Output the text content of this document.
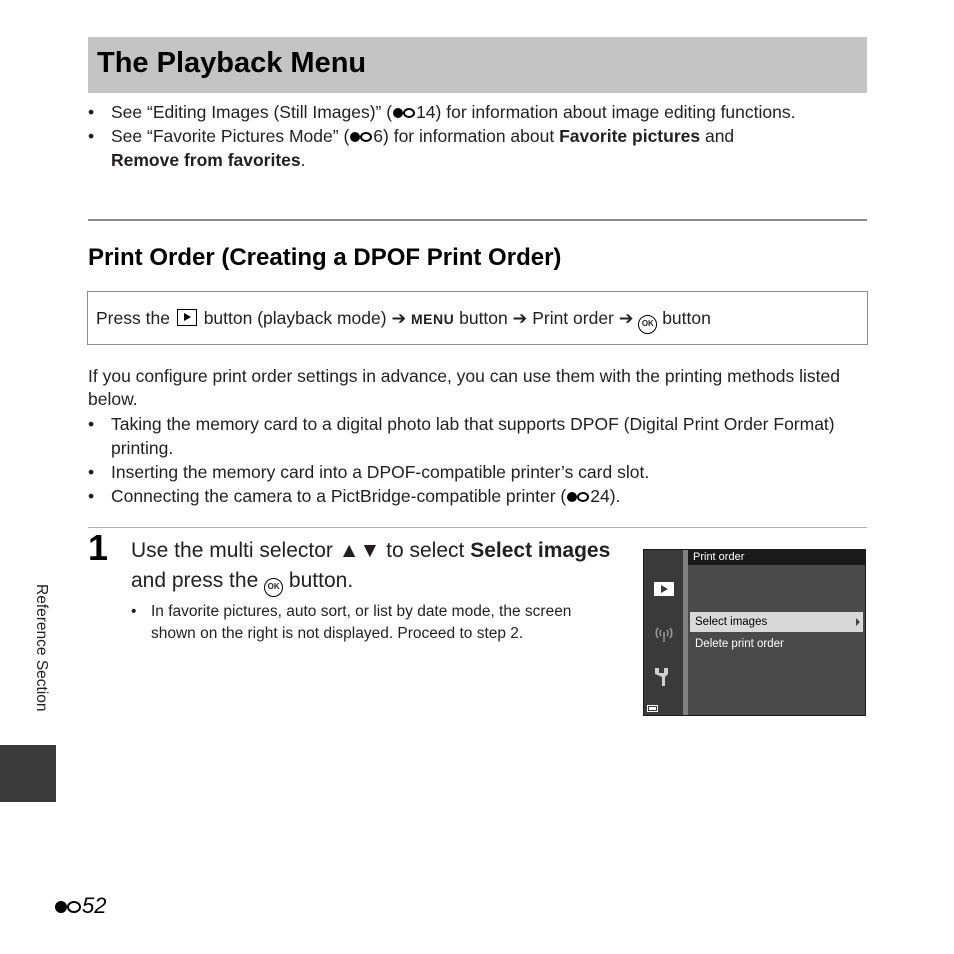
The Playback Menu
• See “Editing Images (Still Images)” ( 14) for information about image editing functions.
• See “Favorite Pictures Mode” ( 6) for information about Favorite pictures and
Remove from favorites.
Print Order (Creating a DPOF Print Order)
Press the button (playback mode) ➔ MENU button ➔ Print order ➔ OK button

If you configure print order settings in advance, you can use them with the printing methods listed below.

• Taking the memory card to a digital photo lab that supports DPOF (Digital Print Order Format) printing.
• Inserting the memory card into a DPOF-compatible printer’s card slot.
• Connecting the camera to a PictBridge-compatible printer ( 24).
1 Use the multi selector ▲▼ to select Select images and press the OK button.

• In favorite pictures, auto sort, or list by date mode, the screen shown on the right is not displayed. Proceed to step 2.
Print order
Select images
Delete print order
Reference Section
52
